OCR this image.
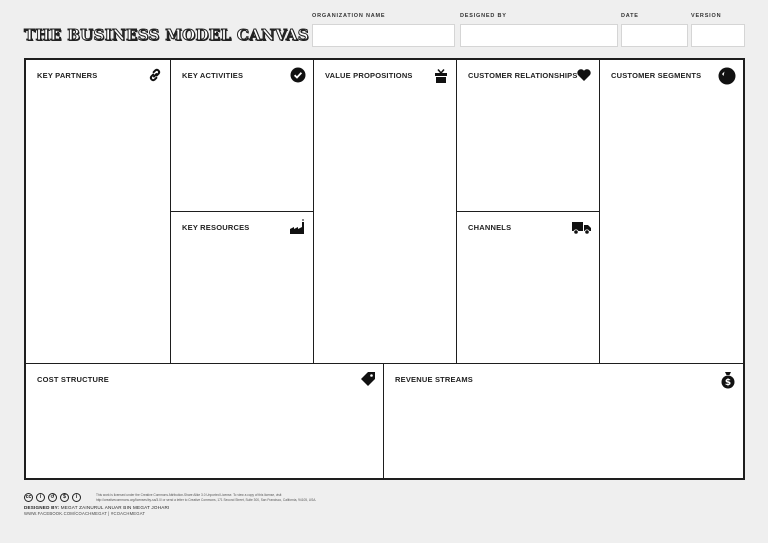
THE BUSINESS MODEL CANVAS
ORGANIZATION NAME	DESIGNED BY	DATE	VERSION
KEY PARTNERS	KEY ACTIVITIES
KEY RESOURCES
VALUE PROPOSITIONS	CUSTOMER RELATIONSHIPS
CHANNELS
CUSTOMER SEGMENTS
COST STRUCTURE	REVENUE STREAMS	$
cc	i	↺	$	i	This work is licensed under the Creative Commons Attribution-Share Alike 3.0 Unported License. To view a copy of this license, visit http://creativecommons.org/licenses/by-sa/3.0/ or send a letter to Creative Commons, 171 Second Street, Suite 300, San Francisco, California, 94105, USA.
DESIGNED BY: MEGAT ZAINURUL ANUAR BIN MEGAT JOHARI
WWW.FACEBOOK.COM/COACHMEGAT | #COACHMEGAT
